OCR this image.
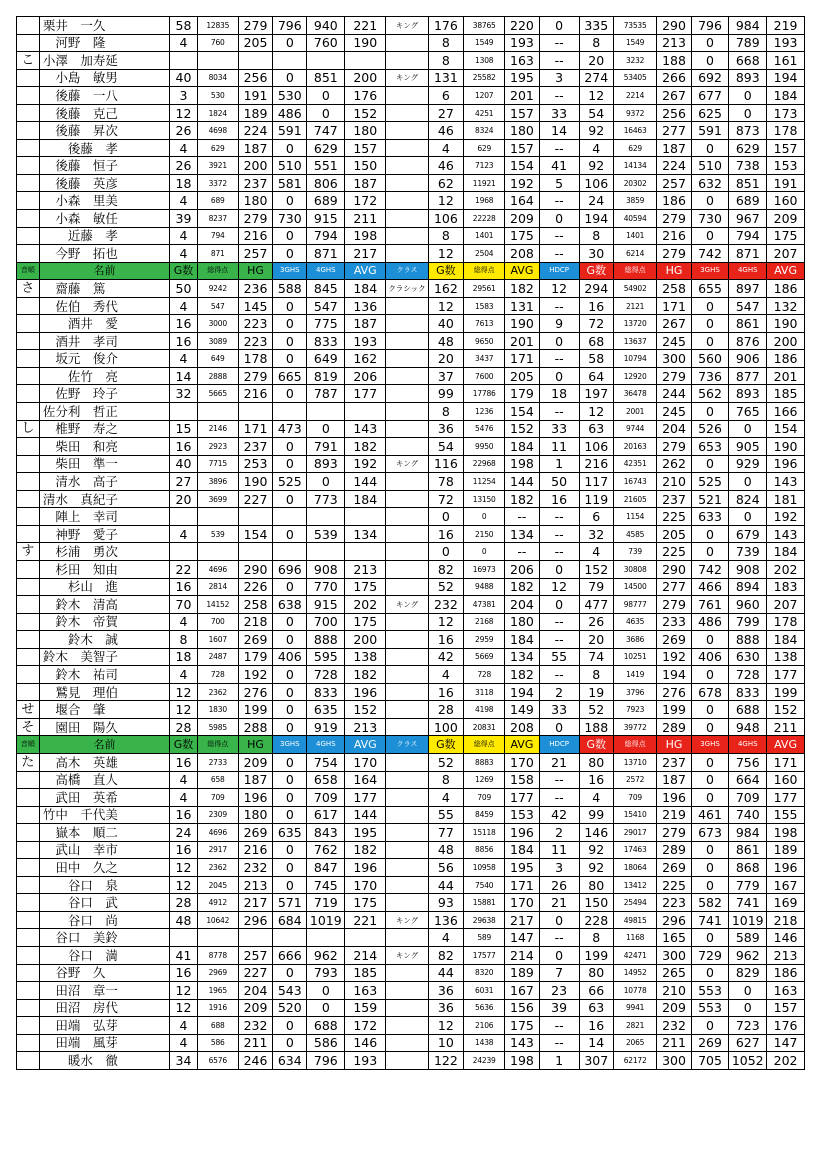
	栗井　一久	58	12835	279	796	940	221	キング	176	38765	220	0	335	73535	290	796	984	219
	　河野　隆	4	760	205	0	760	190		8	1549	193	--	8	1549	213	0	789	193
こ	小澤　加寿延								8	1308	163	--	20	3232	188	0	668	161
	　小島　敏男	40	8034	256	0	851	200	キング	131	25582	195	3	274	53405	266	692	893	194
	　後藤　一八	3	530	191	530	0	176		6	1207	201	--	12	2214	267	677	0	184
	　後藤　克己	12	1824	189	486	0	152		27	4251	157	33	54	9372	256	625	0	173
	　後藤　昇次	26	4698	224	591	747	180		46	8324	180	14	92	16463	277	591	873	178
	　　後藤　孝	4	629	187	0	629	157		4	629	157	--	4	629	187	0	629	157
	　後藤　恒子	26	3921	200	510	551	150		46	7123	154	41	92	14134	224	510	738	153
	　後藤　英彦	18	3372	237	581	806	187		62	11921	192	5	106	20302	257	632	851	191
	　小森　里美	4	689	180	0	689	172		12	1968	164	--	24	3859	186	0	689	160
	　小森　敏任	39	8237	279	730	915	211		106	22228	209	0	194	40594	279	730	967	209
	　　近藤　孝	4	794	216	0	794	198		8	1401	175	--	8	1401	216	0	794	175
	　今野　拓也	4	871	257	0	871	217		12	2504	208	--	30	6214	279	742	871	207
音順	名前	G数	総得点	HG	3GHS	4GHS	AVG	クラス	G数	総得点	AVG	HDCP	G数	総得点	HG	3GHS	4GHS	AVG
さ	　齋藤　篤	50	9242	236	588	845	184	クラシック	162	29561	182	12	294	54902	258	655	897	186
	　佐伯　秀代	4	547	145	0	547	136		12	1583	131	--	16	2121	171	0	547	132
	　　酒井　愛	16	3000	223	0	775	187		40	7613	190	9	72	13720	267	0	861	190
	　酒井　孝司	16	3089	223	0	833	193		48	9650	201	0	68	13637	245	0	876	200
	　坂元　俊介	4	649	178	0	649	162		20	3437	171	--	58	10794	300	560	906	186
	　　佐竹　亮	14	2888	279	665	819	206		37	7600	205	0	64	12920	279	736	877	201
	　佐野　玲子	32	5665	216	0	787	177		99	17786	179	18	197	36478	244	562	893	185
	佐分利　哲正								8	1236	154	--	12	2001	245	0	765	166
し	　椎野　寿之	15	2146	171	473	0	143		36	5476	152	33	63	9744	204	526	0	154
	　柴田　和亮	16	2923	237	0	791	182		54	9950	184	11	106	20163	279	653	905	190
	　柴田　準一	40	7715	253	0	893	192	キング	116	22968	198	1	216	42351	262	0	929	196
	　清水　高子	27	3896	190	525	0	144		78	11254	144	50	117	16743	210	525	0	143
	清水　真紀子	20	3699	227	0	773	184		72	13150	182	16	119	21605	237	521	824	181
	　陣上　幸司								0	0	--	--	6	1154	225	633	0	192
	　神野　愛子	4	539	154	0	539	134		16	2150	134	--	32	4585	205	0	679	143
す	　杉浦　勇次								0	0	--	--	4	739	225	0	739	184
	　杉田　知由	22	4696	290	696	908	213		82	16973	206	0	152	30808	290	742	908	202
	　　杉山　進	16	2814	226	0	770	175		52	9488	182	12	79	14500	277	466	894	183
	　鈴木　清高	70	14152	258	638	915	202	キング	232	47381	204	0	477	98777	279	761	960	207
	　鈴木　帝賀	4	700	218	0	700	175		12	2168	180	--	26	4635	233	486	799	178
	　　鈴木　誠	8	1607	269	0	888	200		16	2959	184	--	20	3686	269	0	888	184
	鈴木　美智子	18	2487	179	406	595	138		42	5669	134	55	74	10251	192	406	630	138
	　鈴木　祐司	4	728	192	0	728	182		4	728	182	--	8	1419	194	0	728	177
	　鷲見　理伯	12	2362	276	0	833	196		16	3118	194	2	19	3796	276	678	833	199
せ	　堰合　肇	12	1830	199	0	635	152		28	4198	149	33	52	7923	199	0	688	152
そ	　園田　陽久	28	5985	288	0	919	213		100	20831	208	0	188	39772	289	0	948	211
音順	名前	G数	総得点	HG	3GHS	4GHS	AVG	クラス	G数	総得点	AVG	HDCP	G数	総得点	HG	3GHS	4GHS	AVG
た	　高木　英雄	16	2733	209	0	754	170		52	8883	170	21	80	13710	237	0	756	171
	　高橋　直人	4	658	187	0	658	164		8	1269	158	--	16	2572	187	0	664	160
	　武田　英希	4	709	196	0	709	177		4	709	177	--	4	709	196	0	709	177
	竹中　千代美	16	2309	180	0	617	144		55	8459	153	42	99	15410	219	461	740	155
	　嶽本　順二	24	4696	269	635	843	195		77	15118	196	2	146	29017	279	673	984	198
	　武山　幸市	16	2917	216	0	762	182		48	8856	184	11	92	17463	289	0	861	189
	　田中　久之	12	2362	232	0	847	196		56	10958	195	3	92	18064	269	0	868	196
	　　谷口　泉	12	2045	213	0	745	170		44	7540	171	26	80	13412	225	0	779	167
	　　谷口　武	28	4912	217	571	719	175		93	15881	170	21	150	25494	223	582	741	169
	　　谷口　尚	48	10642	296	684	1019	221	キング	136	29638	217	0	228	49815	296	741	1019	218
	　谷口　美鈴								4	589	147	--	8	1168	165	0	589	146
	　　谷口　満	41	8778	257	666	962	214	キング	82	17577	214	0	199	42471	300	729	962	213
	　谷野　久	16	2969	227	0	793	185		44	8320	189	7	80	14952	265	0	829	186
	　田沼　章一	12	1965	204	543	0	163		36	6031	167	23	66	10778	210	553	0	163
	　田沼　房代	12	1916	209	520	0	159		36	5636	156	39	63	9941	209	553	0	157
	　田端　弘芽	4	688	232	0	688	172		12	2106	175	--	16	2821	232	0	723	176
	　田端　風芽	4	586	211	0	586	146		10	1438	143	--	14	2065	211	269	627	147
	　　暖水　徹	34	6576	246	634	796	193		122	24239	198	1	307	62172	300	705	1052	202
